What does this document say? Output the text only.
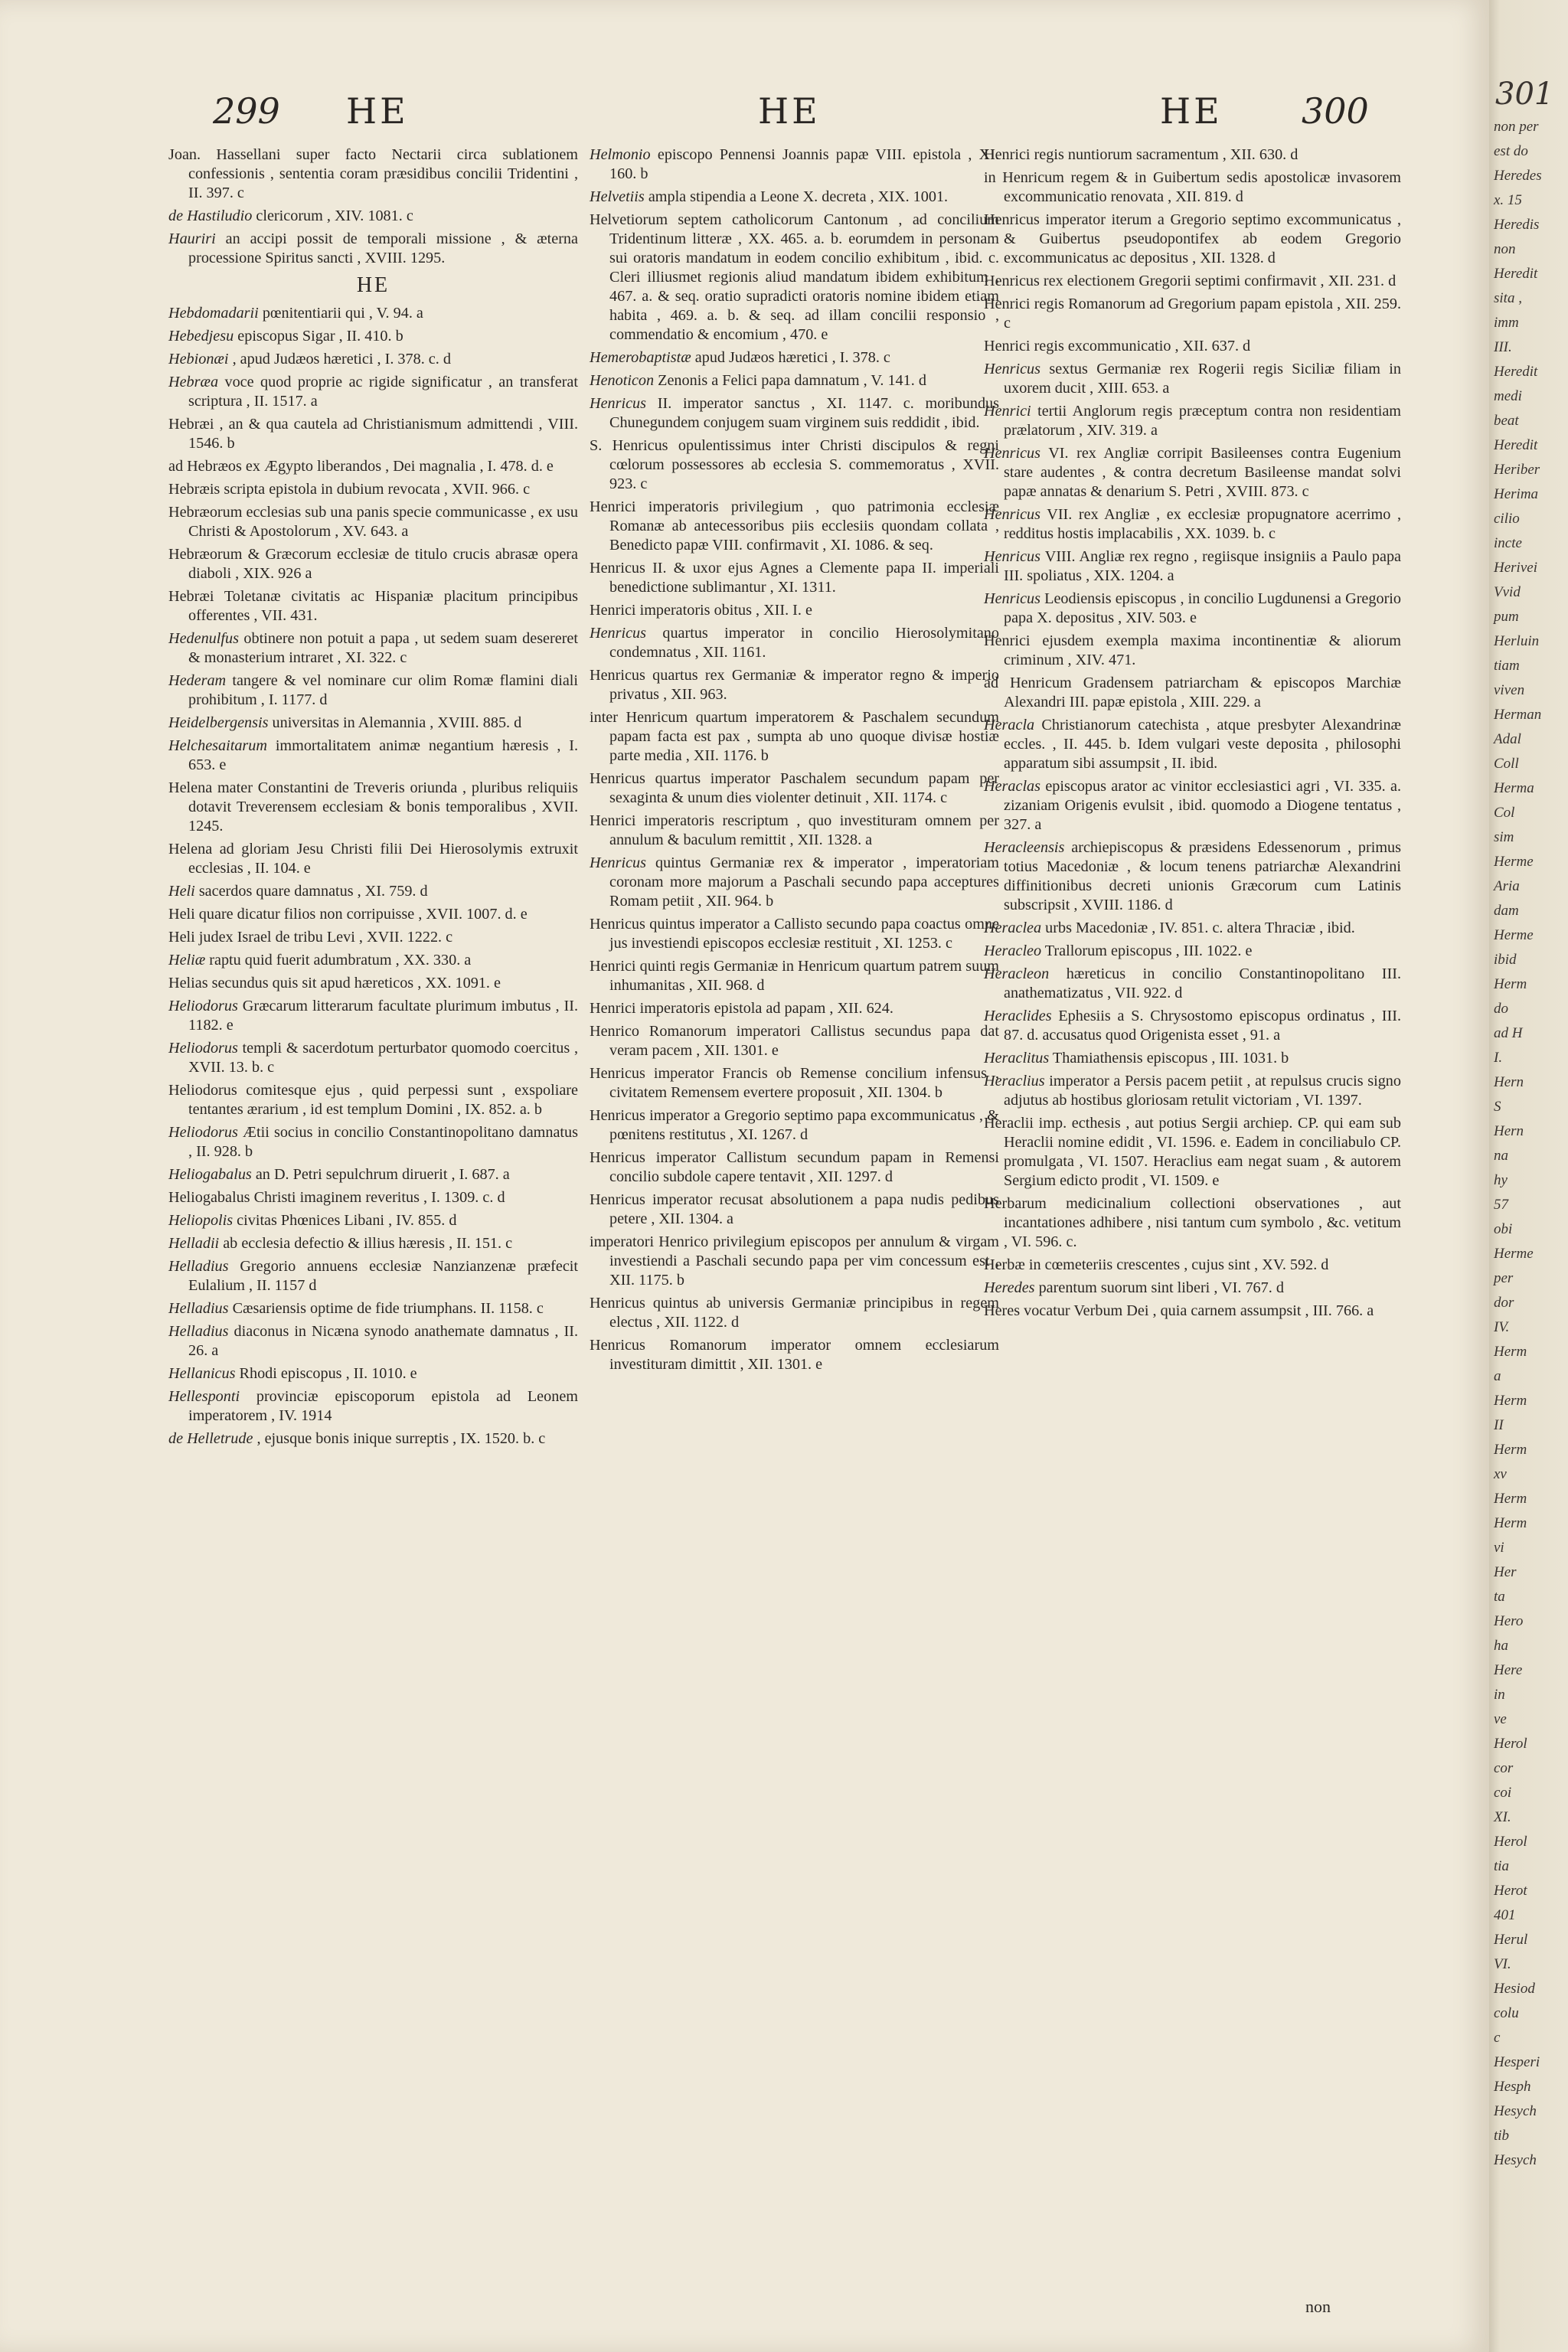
299 HE	HE	HE 300
Joan. Hassellani super facto Nectarii circa sublationem confessionis , sententia coram præsidibus concilii Tridentini , II. 397. c
de Hastiludio clericorum , XIV. 1081. c
Hauriri an accipi possit de temporali missione , & æterna processione Spiritus sancti , XVIII. 1295.
HE
Hebdomadarii pœnitentiarii qui , V. 94. a
Hebedjesu episcopus Sigar , II. 410. b
Hebionæi , apud Judæos hæretici , I. 378. c. d
Hebræa voce quod proprie ac rigide significatur , an transferat scriptura , II. 1517. a
Hebræi , an & qua cautela ad Christianismum admittendi , VIII. 1546. b
ad Hebræos ex Ægypto liberandos , Dei magnalia , I. 478. d. e
Hebræis scripta epistola in dubium revocata , XVII. 966. c
Hebræorum ecclesias sub una panis specie communicasse , ex usu Christi & Apostolorum , XV. 643. a
Hebræorum & Græcorum ecclesiæ de titulo crucis abrasæ opera diaboli , XIX. 926 a
Hebræi Toletanæ civitatis ac Hispaniæ placitum principibus offerentes , VII. 431.
Hedenulfus obtinere non potuit a papa , ut sedem suam desereret & monasterium intraret , XI. 322. c
Hederam tangere & vel nominare cur olim Romæ flamini diali prohibitum , I. 1177. d
Heidelbergensis universitas in Alemannia , XVIII. 885. d
Helchesaitarum immortalitatem animæ negantium hæresis , I. 653. e
Helena mater Constantini de Treveris oriunda , pluribus reliquiis dotavit Treverensem ecclesiam & bonis temporalibus , XVII. 1245.
Helena ad gloriam Jesu Christi filii Dei Hierosolymis extruxit ecclesias , II. 104. e
Heli sacerdos quare damnatus , XI. 759. d
Heli quare dicatur filios non corripuisse , XVII. 1007. d. e
Heli judex Israel de tribu Levi , XVII. 1222. c
Heliæ raptu quid fuerit adumbratum , XX. 330. a
Helias secundus quis sit apud hæreticos , XX. 1091. e
Heliodorus Græcarum litterarum facultate plurimum imbutus , II. 1182. e
Heliodorus templi & sacerdotum perturbator quomodo coercitus , XVII. 13. b. c
Heliodorus comitesque ejus , quid perpessi sunt , exspoliare tentantes ærarium , id est templum Domini , IX. 852. a. b
Heliodorus Ætii socius in concilio Constantinopolitano damnatus , II. 928. b
Heliogabalus an D. Petri sepulchrum diruerit , I. 687. a
Heliogabalus Christi imaginem reveritus , I. 1309. c. d
Heliopolis civitas Phœnices Libani , IV. 855. d
Helladii ab ecclesia defectio & illius hæresis , II. 151. c
Helladius Gregorio annuens ecclesiæ Nanzianzenæ præfecit Eulalium , II. 1157 d
Helladius Cæsariensis optime de fide triumphans. II. 1158. c
Helladius diaconus in Nicæna synodo anathemate damnatus , II. 26. a
Hellanicus Rhodi episcopus , II. 1010. e
Hellesponti provinciæ episcoporum epistola ad Leonem imperatorem , IV. 1914
de Helletrude , ejusque bonis inique surreptis , IX. 1520. b. c
Helmonio episcopo Pennensi Joannis papæ VIII. epistola , XI. 160. b
Helvetiis ampla stipendia a Leone X. decreta , XIX. 1001.
Helvetiorum septem catholicorum Cantonum , ad concilium Tridentinum litteræ , XX. 465. a. b. eorumdem in personam sui oratoris mandatum in eodem concilio exhibitum , ibid. c. Cleri illiusmet regionis aliud mandatum ibidem exhibitum , 467. a. & seq. oratio supradicti oratoris nomine ibidem etiam habita , 469. a. b. & seq. ad illam concilii responsio , commendatio & encomium , 470. e
Hemerobaptistæ apud Judæos hæretici , I. 378. c
Henoticon Zenonis a Felici papa damnatum , V. 141. d
Henricus II. imperator sanctus , XI. 1147. c. moribundus Chunegundem conjugem suam virginem suis reddidit , ibid.
S. Henricus opulentissimus inter Christi discipulos & regni cœlorum possessores ab ecclesia S. commemoratus , XVII. 923. c
Henrici imperatoris privilegium , quo patrimonia ecclesiæ Romanæ ab antecessoribus piis ecclesiis quondam collata , Benedicto papæ VIII. confirmavit , XI. 1086. & seq.
Henricus II. & uxor ejus Agnes a Clemente papa II. imperiali benedictione sublimantur , XI. 1311.
Henrici imperatoris obitus , XII. I. e
Henricus quartus imperator in concilio Hierosolymitano condemnatus , XII. 1161.
Henricus quartus rex Germaniæ & imperator regno & imperio privatus , XII. 963.
inter Henricum quartum imperatorem & Paschalem secundum papam facta est pax , sumpta ab uno quoque divisæ hostiæ parte media , XII. 1176. b
Henricus quartus imperator Paschalem secundum papam per sexaginta & unum dies violenter detinuit , XII. 1174. c
Henrici imperatoris rescriptum , quo investituram omnem per annulum & baculum remittit , XII. 1328. a
Henricus quintus Germaniæ rex & imperator , imperatoriam coronam more majorum a Paschali secundo papa acceptures Romam petiit , XII. 964. b
Henricus quintus imperator a Callisto secundo papa coactus omne jus investiendi episcopos ecclesiæ restituit , XI. 1253. c
Henrici quinti regis Germaniæ in Henricum quartum patrem suum inhumanitas , XII. 968. d
Henrici imperatoris epistola ad papam , XII. 624.
Henrico Romanorum imperatori Callistus secundus papa dat veram pacem , XII. 1301. e
Henricus imperator Francis ob Remense concilium infensus , civitatem Remensem evertere proposuit , XII. 1304. b
Henricus imperator a Gregorio septimo papa excommunicatus , & pœnitens restitutus , XI. 1267. d
Henricus imperator Callistum secundum papam in Remensi concilio subdole capere tentavit , XII. 1297. d
Henricus imperator recusat absolutionem a papa nudis pedibus petere , XII. 1304. a
imperatori Henrico privilegium episcopos per annulum & virgam investiendi a Paschali secundo papa per vim concessum est , XII. 1175. b
Henricus quintus ab universis Germaniæ principibus in regem electus , XII. 1122. d
Henricus Romanorum imperator omnem ecclesiarum investituram dimittit , XII. 1301. e
Henrici regis nuntiorum sacramentum , XII. 630. d
in Henricum regem & in Guibertum sedis apostolicæ invasorem excommunicatio renovata , XII. 819. d
Henricus imperator iterum a Gregorio septimo excommunicatus , & Guibertus pseudopontifex ab eodem Gregorio excommunicatus ac depositus , XII. 1328. d
Henricus rex electionem Gregorii septimi confirmavit , XII. 231. d
Henrici regis Romanorum ad Gregorium papam epistola , XII. 259. c
Henrici regis excommunicatio , XII. 637. d
Henricus sextus Germaniæ rex Rogerii regis Siciliæ filiam in uxorem ducit , XIII. 653. a
Henrici tertii Anglorum regis præceptum contra non residentiam prælatorum , XIV. 319. a
Henricus VI. rex Angliæ corripit Basileenses contra Eugenium stare audentes , & contra decretum Basileense mandat solvi papæ annatas & denarium S. Petri , XVIII. 873. c
Henricus VII. rex Angliæ , ex ecclesiæ propugnatore acerrimo , redditus hostis implacabilis , XX. 1039. b. c
Henricus VIII. Angliæ rex regno , regiisque insigniis a Paulo papa III. spoliatus , XIX. 1204. a
Henricus Leodiensis episcopus , in concilio Lugdunensi a Gregorio papa X. depositus , XIV. 503. e
Henrici ejusdem exempla maxima incontinentiæ & aliorum criminum , XIV. 471.
ad Henricum Gradensem patriarcham & episcopos Marchiæ Alexandri III. papæ epistola , XIII. 229. a
Heracla Christianorum catechista , atque presbyter Alexandrinæ eccles. , II. 445. b. Idem vulgari veste deposita , philosophi apparatum sibi assumpsit , II. ibid.
Heraclas episcopus arator ac vinitor ecclesiastici agri , VI. 335. a. zizaniam Origenis evulsit , ibid. quomodo a Diogene tentatus , 327. a
Heracleensis archiepiscopus & præsidens Edessenorum , primus totius Macedoniæ , & locum tenens patriarchæ Alexandrini diffinitionibus decreti unionis Græcorum cum Latinis subscripsit , XVIII. 1186. d
Heraclea urbs Macedoniæ , IV. 851. c. altera Thraciæ , ibid.
Heracleo Trallorum episcopus , III. 1022. e
Heracleon hæreticus in concilio Constantinopolitano III. anathematizatus , VII. 922. d
Heraclides Ephesiis a S. Chrysostomo episcopus ordinatus , III. 87. d. accusatus quod Origenista esset , 91. a
Heraclitus Thamiathensis episcopus , III. 1031. b
Heraclius imperator a Persis pacem petiit , at repulsus crucis signo adjutus ab hostibus gloriosam retulit victoriam , VI. 1397.
Heraclii imp. ecthesis , aut potius Sergii archiep. CP. qui eam sub Heraclii nomine edidit , VI. 1596. e. Eadem in conciliabulo CP. promulgata , VI. 1507. Heraclius eam negat suam , & autorem Sergium edicto prodit , VI. 1509. e
Herbarum medicinalium collectioni observationes , aut incantationes adhibere , nisi tantum cum symbolo , &c. vetitum , VI. 596. c.
Herbæ in cœmeteriis crescentes , cujus sint , XV. 592. d
Heredes parentum suorum sint liberi , VI. 767. d
Heres vocatur Verbum Dei , quia carnem assumpsit , III. 766. a
non
301
non per
est do
Heredes
x. 15
Heredis
non
Heredit
sita ,
imm
III.
Heredit
medi
beat
Heredit
Heriber
Herima
cilio
incte
Herivei
Vvid
pum
Herluin
tiam
viven
Herman
Adal
Coll
Herma
Col
sim
Herme
Aria
dam
Herme
ibid
Herm
do
ad H
I.
Hern
S
Hern
na
hy
57
obi
Herme
per
dor
IV.
Herm
a
Herm
II
Herm
xv
Herm
Herm
vi
Her
ta
Hero
ha
Here
in
ve
Herol
cor
coi
XI.
Herol
tia
Herot
401
Herul
VI.
Hesiod
colu
c
Hesperi
Hesph
Hesych
tib
Hesych
